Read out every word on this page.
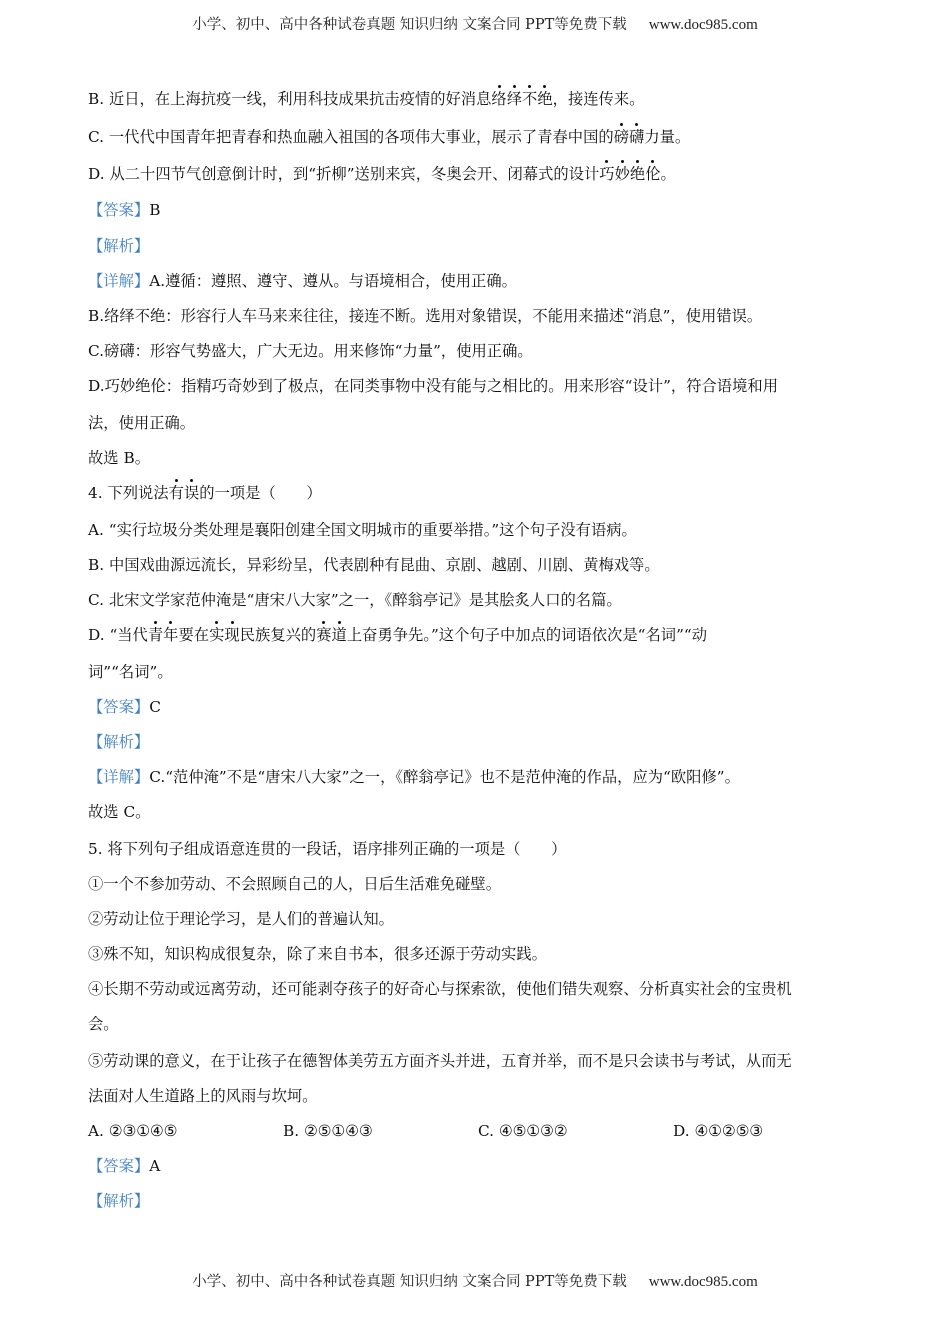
小学、初中、高中各种试卷真题 知识归纳 文案合同 PPT等免费下载 www.doc985.com
B. 近日，在上海抗疫一线，利用科技成果抗击疫情的好消息络绎不绝，接连传来。
C. 一代代中国青年把青春和热血融入祖国的各项伟大事业，展示了青春中国的磅礴力量。
D. 从二十四节气创意倒计时，到“折柳”送别来宾，冬奥会开、闭幕式的设计巧妙绝伦。
【答案】B
【解析】
【详解】A.遵循：遵照、遵守、遵从。与语境相合，使用正确。
B.络绎不绝：形容行人车马来来往往，接连不断。选用对象错误，不能用来描述“消息”，使用错误。
C.磅礴：形容气势盛大，广大无边。用来修饰“力量”，使用正确。
D.巧妙绝伦：指精巧奇妙到了极点，在同类事物中没有能与之相比的。用来形容“设计”，符合语境和用
法，使用正确。
故选 B。
4. 下列说法有误的一项是（　　）
A. “实行垃圾分类处理是襄阳创建全国文明城市的重要举措。”这个句子没有语病。
B. 中国戏曲源远流长，异彩纷呈，代表剧种有昆曲、京剧、越剧、川剧、黄梅戏等。
C. 北宋文学家范仲淹是“唐宋八大家”之一，《醉翁亭记》是其脍炙人口的名篇。
D. “当代青年要在实现民族复兴的赛道上奋勇争先。”这个句子中加点的词语依次是“名词”“动
词”“名词”。
【答案】C
【解析】
【详解】C.“范仲淹”不是“唐宋八大家”之一，《醉翁亭记》也不是范仲淹的作品，应为“欧阳修”。
故选 C。
5. 将下列句子组成语意连贯的一段话，语序排列正确的一项是（　　）
①一个不参加劳动、不会照顾自己的人，日后生活难免碰壁。
②劳动让位于理论学习，是人们的普遍认知。
③殊不知，知识构成很复杂，除了来自书本，很多还源于劳动实践。
④长期不劳动或远离劳动，还可能剥夺孩子的好奇心与探索欲，使他们错失观察、分析真实社会的宝贵机
会。
⑤劳动课的意义，在于让孩子在德智体美劳五方面齐头并进，五育并举，而不是只会读书与考试，从而无
法面对人生道路上的风雨与坎坷。
A. ②③①④⑤	B. ②⑤①④③	C. ④⑤①③②	D. ④①②⑤③
【答案】A
【解析】
小学、初中、高中各种试卷真题 知识归纳 文案合同 PPT等免费下载 www.doc985.com
